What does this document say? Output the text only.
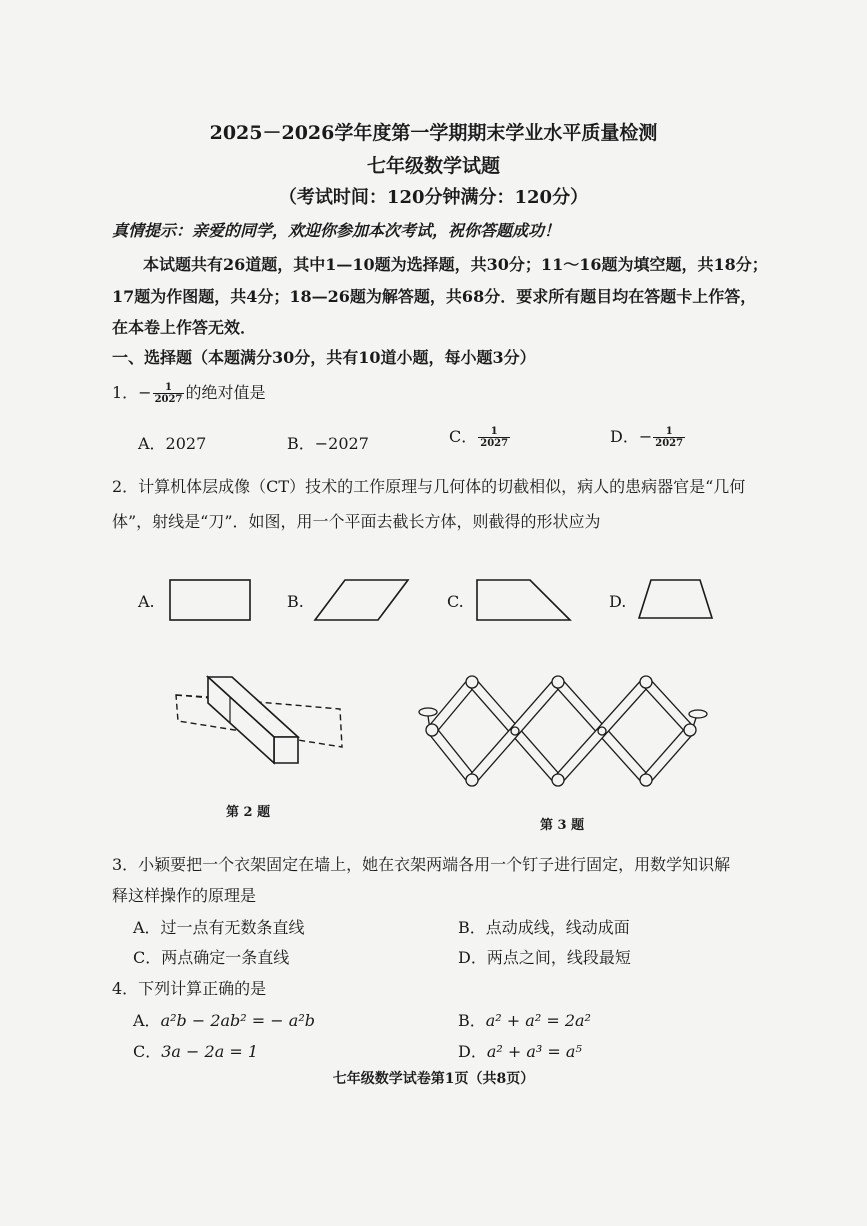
2025－2026学年度第一学期期末学业水平质量检测
七年级数学试题
（考试时间：120分钟满分：120分）
真情提示：亲爱的同学，欢迎你参加本次考试，祝你答题成功！
本试题共有26道题，其中1—10题为选择题，共30分；11～16题为填空题，共18分；
17题为作图题，共4分；18—26题为解答题，共68分．要求所有题目均在答题卡上作答，
在本卷上作答无效．
一、选择题（本题满分30分，共有10道小题，每小题3分）
1．− $\frac{1}{2027}$ 的绝对值是
A．2027	B．−2027	C． $\frac{1}{2027}$	D．− $\frac{1}{2027}$
2．计算机体层成像（CT）技术的工作原理与几何体的切截相似，病人的患病器官是“几何
体”，射线是“刀”．如图，用一个平面去截长方体，则截得的形状应为
A.	B.	C.	D.
第 2 题
第 3 题
3．小颖要把一个衣架固定在墙上，她在衣架两端各用一个钉子进行固定，用数学知识解
释这样操作的原理是
A．过一点有无数条直线	B．点动成线，线动成面
C．两点确定一条直线	D．两点之间，线段最短
4．下列计算正确的是
A．a²b − 2ab² = − a²b	B．a² + a² = 2a²
C．3a − 2a = 1	D．a² + a³ = a⁵
七年级数学试卷第1页（共8页）
